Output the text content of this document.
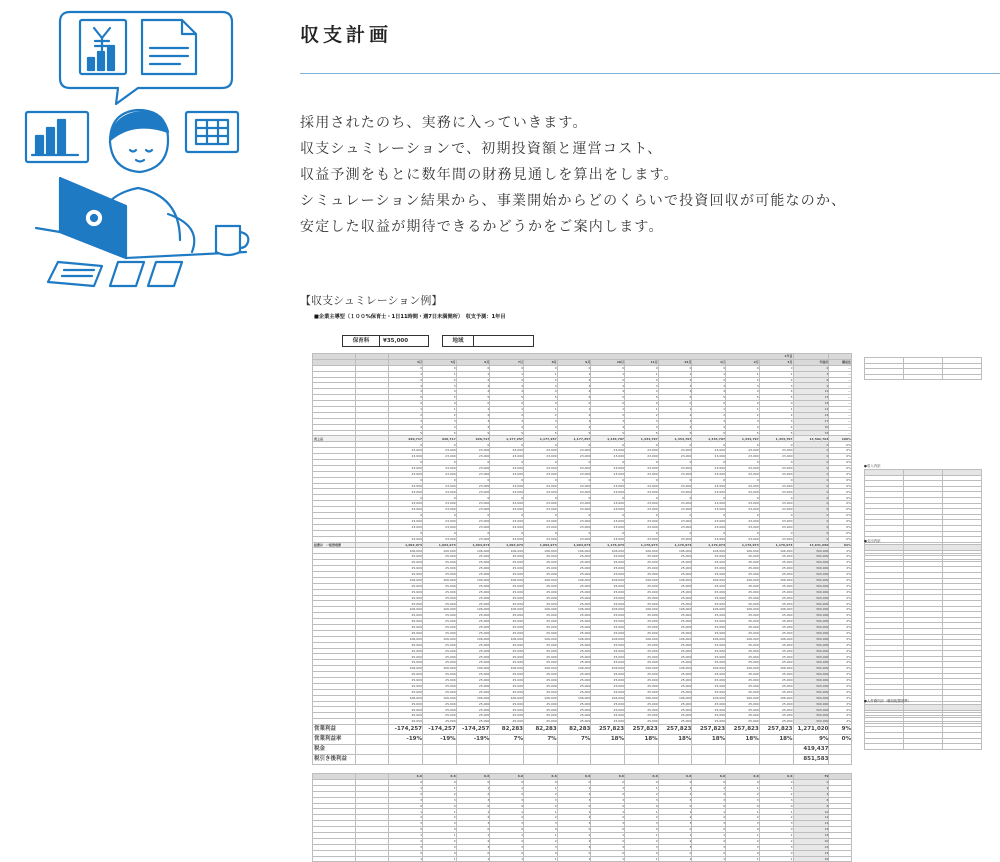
収支計画
採用されたのち、実務に入っていきます。
収支シュミレーションで、初期投資額と運営コスト、
収益予測をもとに数年間の財務見通しを算出をします。
シミュレーション結果から、事業開始からどのくらいで投資回収が可能なのか、
安定した収益が期待できるかどうかをご案内します。
【収支シュミレーション例】
■企業主導型（１００%保育士・1日11時間・週7日未満開所）　収支予測：1年目
保育料	¥35,000	地域
		1年目													
		4月	5月	6月	7月	8月	9月	10月	11月	12月	1月	2月	3月	年度計	構成比
		0	0	0	0	0	0	0	0	0	0	0	0	0	—
		1	1	1	1	1	1	1	1	1	1	1	1	3	—
		2	2	2	2	2	2	2	2	2	2	2	2	6	—
		3	3	3	3	3	3	3	3	3	3	3	3	9	—
		4	4	4	4	4	4	4	4	4	4	4	4	12	—
		5	5	5	5	5	5	5	5	5	5	5	5	15	—
		0	0	0	0	0	0	0	0	0	0	0	0	18	—
		1	1	1	1	1	1	1	1	1	1	1	1	21	—
		2	2	2	2	2	2	2	2	2	2	2	2	24	—
		3	3	3	3	3	3	3	3	3	3	3	3	27	—
		4	4	4	4	4	4	4	4	4	4	4	4	30	—
		5	5	5	5	5	5	5	5	5	5	5	5	33	—
売上高		920,717	920,717	920,717	1,177,257	1,177,257	1,177,257	1,434,797	1,434,797	1,434,797	1,434,797	1,434,797	1,434,797	14,502,704	100%
		0	0	0	0	0	0	0	0	0	0	0	0	0	0%
		23,000	23,000	23,000	23,000	23,000	23,000	23,000	23,000	23,000	23,000	23,000	23,000	0	0%
		23,000	23,000	23,000	23,000	23,000	23,000	23,000	23,000	23,000	23,000	23,000	23,000	0	0%
		0	0	0	0	0	0	0	0	0	0	0	0	0	0%
		23,000	23,000	23,000	23,000	23,000	23,000	23,000	23,000	23,000	23,000	23,000	23,000	0	0%
		23,000	23,000	23,000	23,000	23,000	23,000	23,000	23,000	23,000	23,000	23,000	23,000	0	0%
		0	0	0	0	0	0	0	0	0	0	0	0	0	0%
		23,000	23,000	23,000	23,000	23,000	23,000	23,000	23,000	23,000	23,000	23,000	23,000	0	0%
		23,000	23,000	23,000	23,000	23,000	23,000	23,000	23,000	23,000	23,000	23,000	23,000	0	0%
		0	0	0	0	0	0	0	0	0	0	0	0	0	0%
		23,000	23,000	23,000	23,000	23,000	23,000	23,000	23,000	23,000	23,000	23,000	23,000	0	0%
		23,000	23,000	23,000	23,000	23,000	23,000	23,000	23,000	23,000	23,000	23,000	23,000	0	0%
		0	0	0	0	0	0	0	0	0	0	0	0	0	0%
		23,000	23,000	23,000	23,000	23,000	23,000	23,000	23,000	23,000	23,000	23,000	23,000	0	0%
		23,000	23,000	23,000	23,000	23,000	23,000	23,000	23,000	23,000	23,000	23,000	23,000	0	0%
		0	0	0	0	0	0	0	0	0	0	0	0	0	0%
		23,000	23,000	23,000	23,000	23,000	23,000	23,000	23,000	23,000	23,000	23,000	23,000	0	0%
経費計　一般管理費		1,094,973	1,094,973	1,094,973	1,094,973	1,094,973	1,094,973	1,176,973	1,176,973	1,176,973	1,176,973	1,176,973	1,176,973	13,631,680	94%
		106,000	106,000	106,000	106,000	106,000	106,000	106,000	106,000	106,000	106,000	106,000	106,000	300,000	2%
		25,000	25,000	25,000	25,000	25,000	25,000	25,000	25,000	25,000	25,000	25,000	25,000	300,000	2%
		25,000	25,000	25,000	25,000	25,000	25,000	25,000	25,000	25,000	25,000	25,000	25,000	300,000	2%
		25,000	25,000	25,000	25,000	25,000	25,000	25,000	25,000	25,000	25,000	25,000	25,000	300,000	2%
		25,000	25,000	25,000	25,000	25,000	25,000	25,000	25,000	25,000	25,000	25,000	25,000	300,000	2%
		106,000	106,000	106,000	106,000	106,000	106,000	106,000	106,000	106,000	106,000	106,000	106,000	300,000	2%
		25,000	25,000	25,000	25,000	25,000	25,000	25,000	25,000	25,000	25,000	25,000	25,000	300,000	2%
		25,000	25,000	25,000	25,000	25,000	25,000	25,000	25,000	25,000	25,000	25,000	25,000	300,000	2%
		25,000	25,000	25,000	25,000	25,000	25,000	25,000	25,000	25,000	25,000	25,000	25,000	300,000	2%
		25,000	25,000	25,000	25,000	25,000	25,000	25,000	25,000	25,000	25,000	25,000	25,000	300,000	2%
		106,000	106,000	106,000	106,000	106,000	106,000	106,000	106,000	106,000	106,000	106,000	106,000	300,000	2%
		25,000	25,000	25,000	25,000	25,000	25,000	25,000	25,000	25,000	25,000	25,000	25,000	300,000	2%
		25,000	25,000	25,000	25,000	25,000	25,000	25,000	25,000	25,000	25,000	25,000	25,000	300,000	2%
		25,000	25,000	25,000	25,000	25,000	25,000	25,000	25,000	25,000	25,000	25,000	25,000	300,000	2%
		25,000	25,000	25,000	25,000	25,000	25,000	25,000	25,000	25,000	25,000	25,000	25,000	300,000	2%
		106,000	106,000	106,000	106,000	106,000	106,000	106,000	106,000	106,000	106,000	106,000	106,000	300,000	2%
		25,000	25,000	25,000	25,000	25,000	25,000	25,000	25,000	25,000	25,000	25,000	25,000	300,000	2%
		25,000	25,000	25,000	25,000	25,000	25,000	25,000	25,000	25,000	25,000	25,000	25,000	300,000	2%
		25,000	25,000	25,000	25,000	25,000	25,000	25,000	25,000	25,000	25,000	25,000	25,000	300,000	2%
		25,000	25,000	25,000	25,000	25,000	25,000	25,000	25,000	25,000	25,000	25,000	25,000	300,000	2%
		106,000	106,000	106,000	106,000	106,000	106,000	106,000	106,000	106,000	106,000	106,000	106,000	300,000	2%
		25,000	25,000	25,000	25,000	25,000	25,000	25,000	25,000	25,000	25,000	25,000	25,000	300,000	2%
		25,000	25,000	25,000	25,000	25,000	25,000	25,000	25,000	25,000	25,000	25,000	25,000	300,000	2%
		25,000	25,000	25,000	25,000	25,000	25,000	25,000	25,000	25,000	25,000	25,000	25,000	300,000	2%
		25,000	25,000	25,000	25,000	25,000	25,000	25,000	25,000	25,000	25,000	25,000	25,000	300,000	2%
		106,000	106,000	106,000	106,000	106,000	106,000	106,000	106,000	106,000	106,000	106,000	106,000	300,000	2%
		25,000	25,000	25,000	25,000	25,000	25,000	25,000	25,000	25,000	25,000	25,000	25,000	300,000	2%
		25,000	25,000	25,000	25,000	25,000	25,000	25,000	25,000	25,000	25,000	25,000	25,000	300,000	2%
		25,000	25,000	25,000	25,000	25,000	25,000	25,000	25,000	25,000	25,000	25,000	25,000	300,000	2%
		25,000	25,000	25,000	25,000	25,000	25,000	25,000	25,000	25,000	25,000	25,000	25,000	300,000	2%
営業利益		-174,257	-174,257	-174,257	82,283	82,283	82,283	257,823	257,823	257,823	257,823	257,823	257,823	1,271,020	9%
営業利益率		-19%	-19%	-19%	7%	7%	7%	18%	18%	18%	18%	18%	18%	9%	0%
税金														419,437	
税引き後利益														851,583	

		6.6	6.6	6.6	6.6	6.6	6.6	6.6	6.6	6.6	6.6	6.6	6.6	79	
		0	0	0	0	0	0	0	0	0	0	0	0	0	
		1	1	1	1	1	1	1	1	1	1	1	1	2	
		2	2	2	2	2	2	2	2	2	2	2	2	4	
		3	3	3	3	3	3	3	3	3	3	3	3	6	
		0	0	0	0	0	0	0	0	0	0	0	0	8	
		1	1	1	1	1	1	1	1	1	1	1	1	10	
		2	2	2	2	2	2	2	2	2	2	2	2	12	
		3	3	3	3	3	3	3	3	3	3	3	3	14	
		0	0	0	0	0	0	0	0	0	0	0	0	16	
		1	1	1	1	1	1	1	1	1	1	1	1	18	
		2	2	2	2	2	2	2	2	2	2	2	2	20	
		3	3	3	3	3	3	3	3	3	3	3	3	22	
		0	0	0	0	0	0	0	0	0	0	0	0	24	
		1	1	1	1	1	1	1	1	1	1	1	1	26	

●収入内訳

●支出内訳

●人件費内訳（職員配置基準）
